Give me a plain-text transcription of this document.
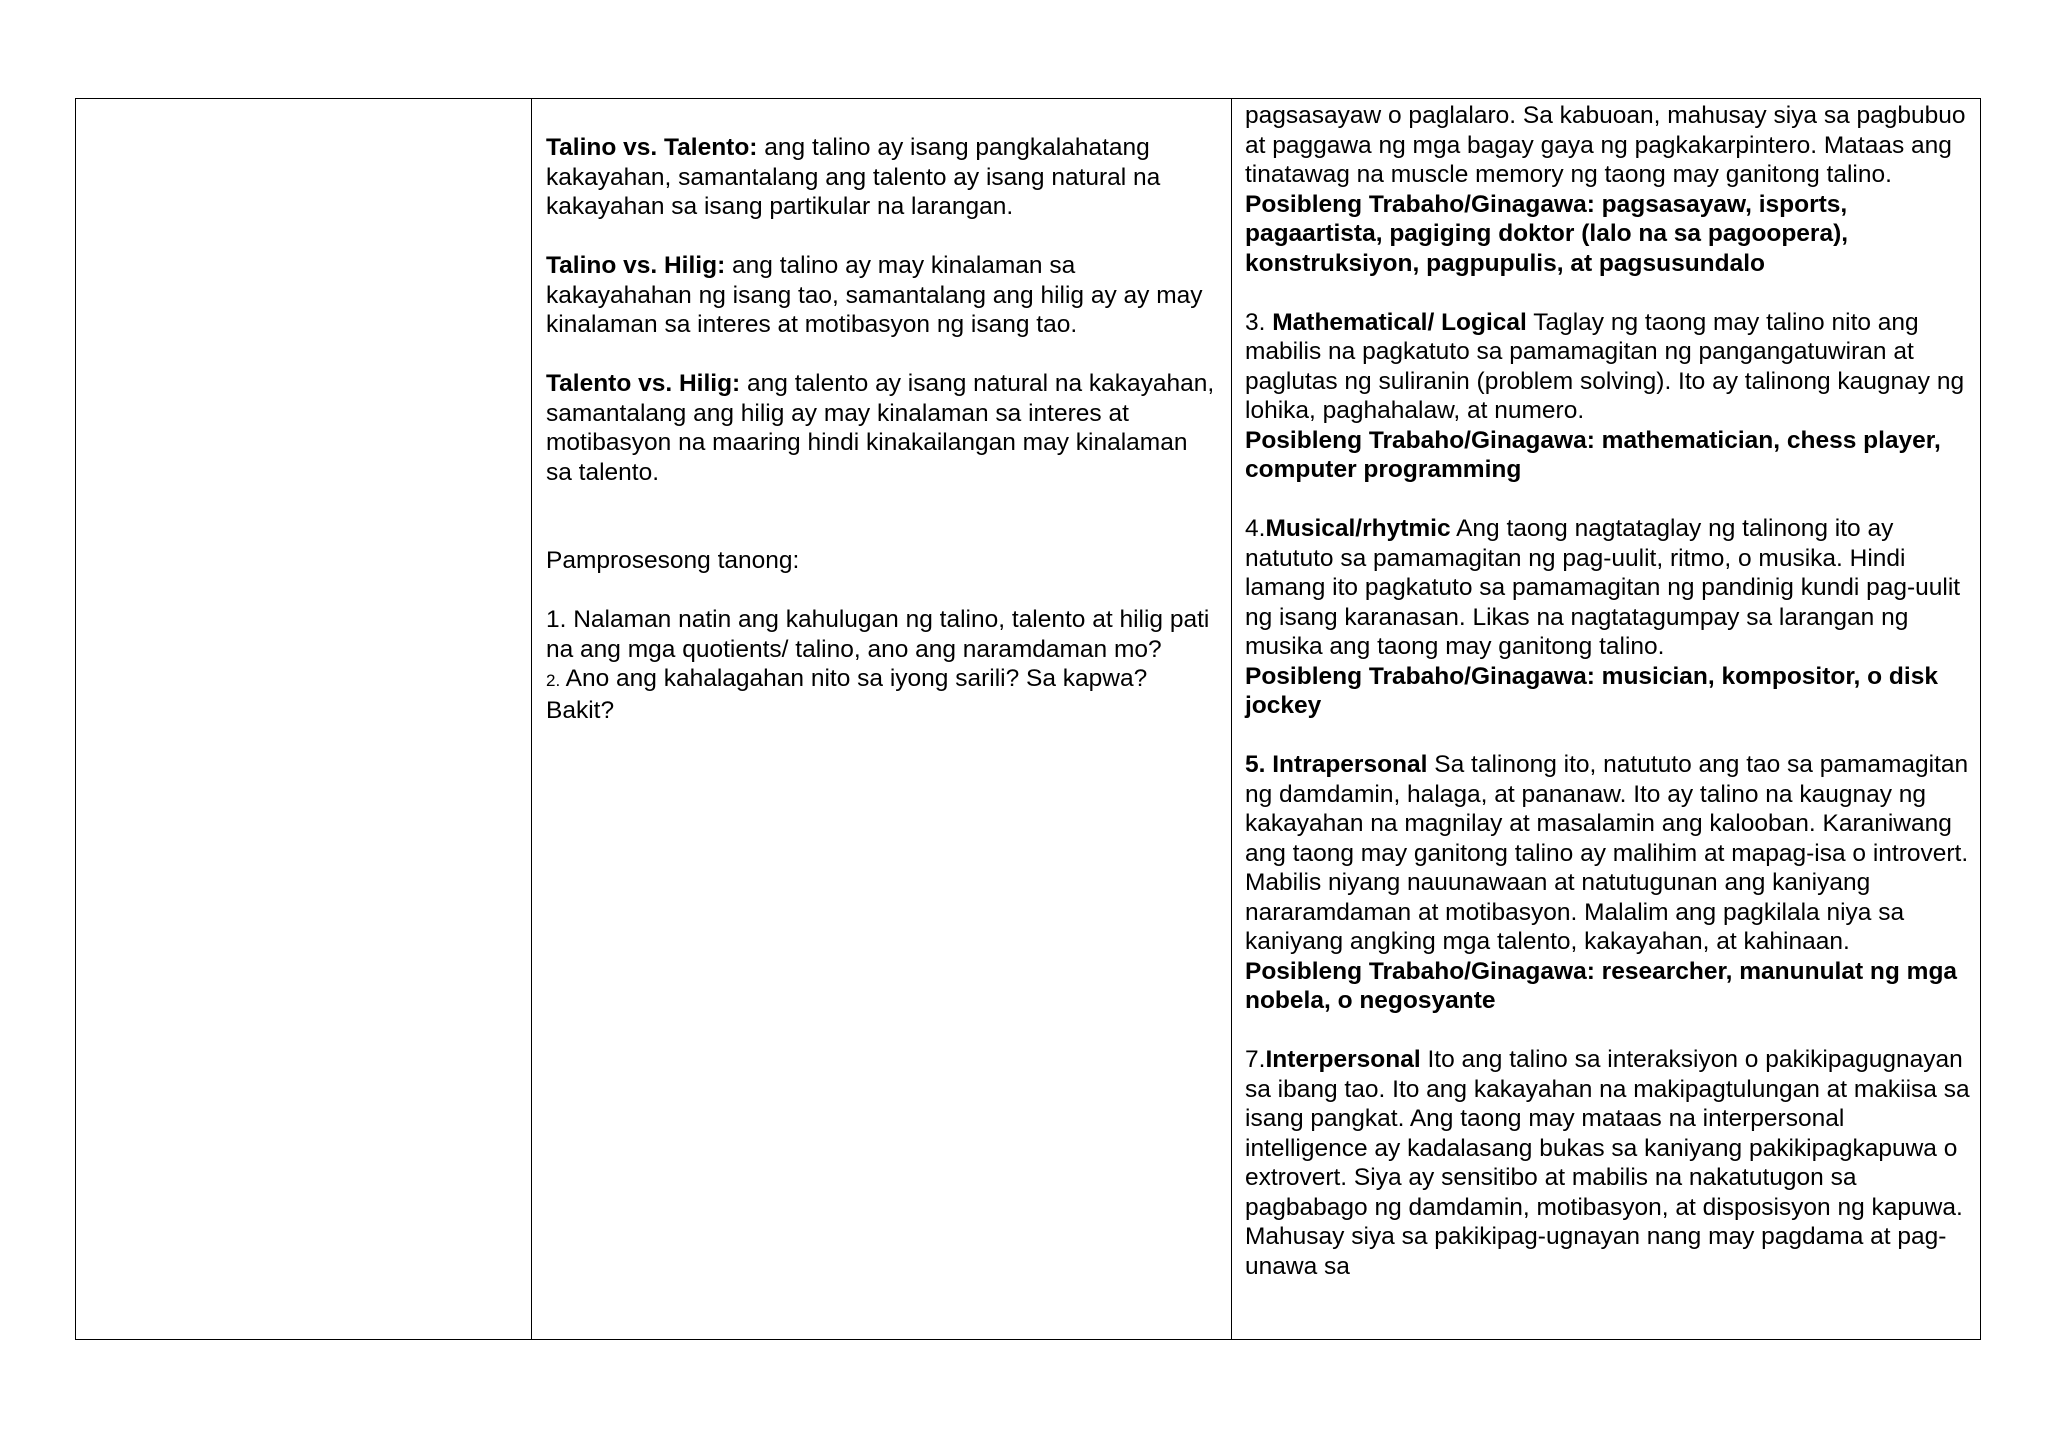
Talino vs. Talento: ang talino ay isang pangkalahatang kakayahan, samantalang ang talento ay isang natural na kakayahan sa isang partikular na larangan.

Talino vs. Hilig: ang talino ay may kinalaman sa kakayahahan ng isang tao, samantalang ang hilig ay ay may kinalaman sa interes at motibasyon ng isang tao.

Talento vs. Hilig: ang talento ay isang natural na kakayahan, samantalang ang hilig ay may kinalaman sa interes at motibasyon na maaring hindi kinakailangan may kinalaman sa talento.

Pamprosesong tanong:

1. Nalaman natin ang kahulugan ng talino, talento at hilig pati na ang mga quotients/ talino, ano ang naramdaman mo?

2. Ano ang kahalagahan nito sa iyong sarili? Sa kapwa? Bakit?

pagsasayaw o paglalaro. Sa kabuoan, mahusay siya sa pagbubuo at paggawa ng mga bagay gaya ng pagkakarpintero. Mataas ang tinatawag na muscle memory ng taong may ganitong talino.

Posibleng Trabaho/Ginagawa: pagsasayaw, isports, pagaartista, pagiging doktor (lalo na sa pagoopera), konstruksiyon, pagpupulis, at pagsusundalo

3. Mathematical/ Logical Taglay ng taong may talino nito ang mabilis na pagkatuto sa pamamagitan ng pangangatuwiran at paglutas ng suliranin (problem solving). Ito ay talinong kaugnay ng lohika, paghahalaw, at numero.

Posibleng Trabaho/Ginagawa: mathematician, chess player, computer programming

4.Musical/rhytmic Ang taong nagtataglay ng talinong ito ay natututo sa pamamagitan ng pag-uulit, ritmo, o musika. Hindi lamang ito pagkatuto sa pamamagitan ng pandinig kundi pag-uulit ng isang karanasan. Likas na nagtatagumpay sa larangan ng musika ang taong may ganitong talino.

Posibleng Trabaho/Ginagawa: musician, kompositor, o disk jockey

5. Intrapersonal Sa talinong ito, natututo ang tao sa pamamagitan ng damdamin, halaga, at pananaw. Ito ay talino na kaugnay ng kakayahan na magnilay at masalamin ang kalooban. Karaniwang ang taong may ganitong talino ay malihim at mapag-isa o introvert. Mabilis niyang nauunawaan at natutugunan ang kaniyang nararamdaman at motibasyon. Malalim ang pagkilala niya sa kaniyang angking mga talento, kakayahan, at kahinaan.

Posibleng Trabaho/Ginagawa: researcher, manunulat ng mga nobela, o negosyante

7.Interpersonal Ito ang talino sa interaksiyon o pakikipagugnayan sa ibang tao. Ito ang kakayahan na makipagtulungan at makiisa sa isang pangkat. Ang taong may mataas na interpersonal intelligence ay kadalasang bukas sa kaniyang pakikipagkapuwa o extrovert. Siya ay sensitibo at mabilis na nakatutugon sa pagbabago ng damdamin, motibasyon, at disposisyon ng kapuwa. Mahusay siya sa pakikipag-ugnayan nang may pagdama at pag-unawa sa
